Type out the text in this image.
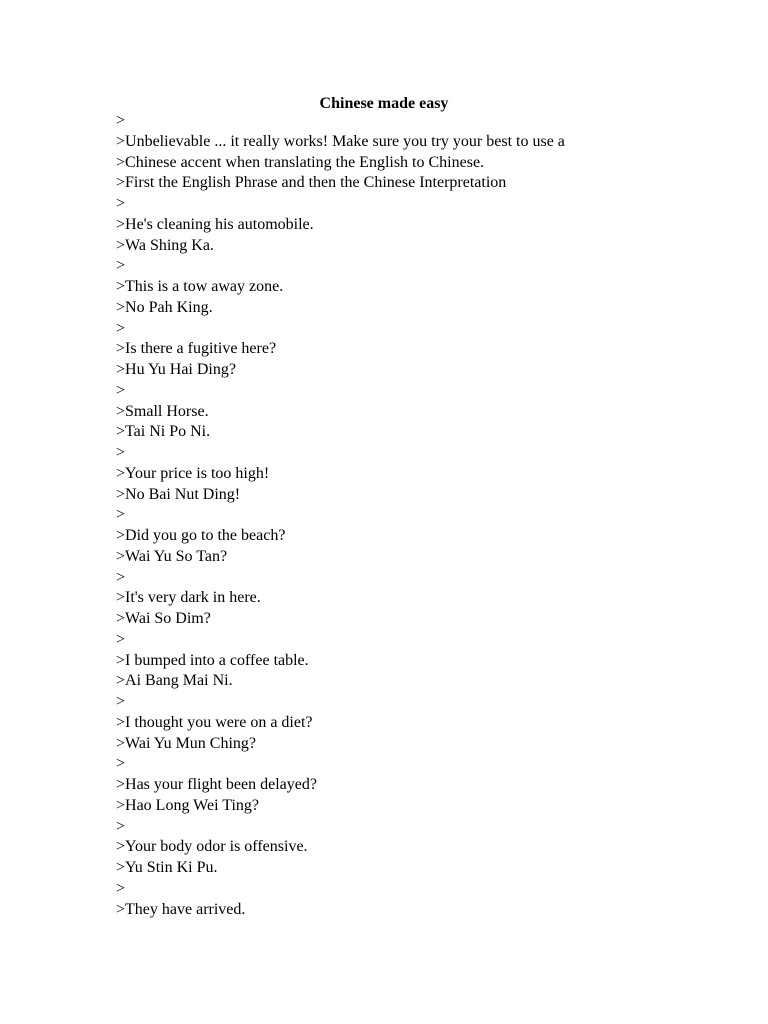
Chinese made easy
>
>Unbelievable ... it really works! Make sure you try your best to use a
>Chinese accent when translating the English to Chinese.
>First the English Phrase and then the Chinese Interpretation
>
>He's cleaning his automobile.
>Wa Shing Ka.
>
>This is a tow away zone.
>No Pah King.
>
>Is there a fugitive here?
>Hu Yu Hai Ding?
>
>Small Horse.
>Tai Ni Po Ni.
>
>Your price is too high!
>No Bai Nut Ding!
>
>Did you go to the beach?
>Wai Yu So Tan?
>
>It's very dark in here.
>Wai So Dim?
>
>I bumped into a coffee table.
>Ai Bang Mai Ni.
>
>I thought you were on a diet?
>Wai Yu Mun Ching?
>
>Has your flight been delayed?
>Hao Long Wei Ting?
>
>Your body odor is offensive.
>Yu Stin Ki Pu.
>
>They have arrived.
